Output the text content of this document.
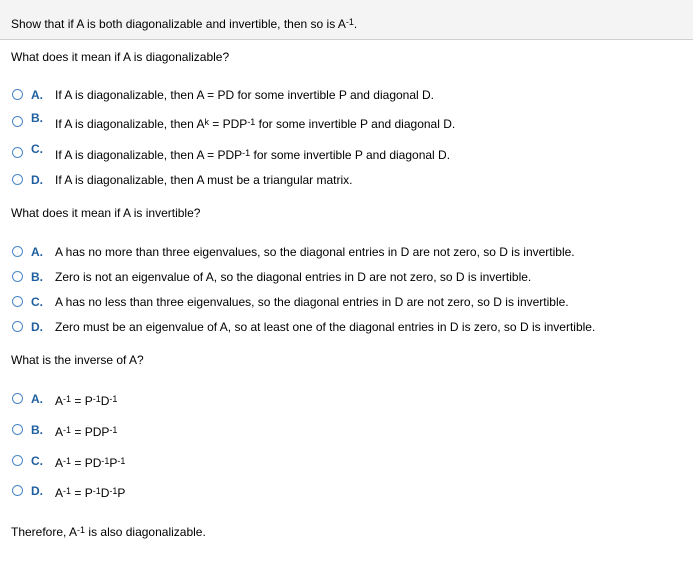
Show that if A is both diagonalizable and invertible, then so is $A^{-1}$.
What does it mean if A is diagonalizable?
A. If A is diagonalizable, then A = PD for some invertible P and diagonal D.
B. If A is diagonalizable, then $A^k = PDP^{-1}$ for some invertible P and diagonal D.
C. If A is diagonalizable, then $A = PDP^{-1}$ for some invertible P and diagonal D.
D. If A is diagonalizable, then A must be a triangular matrix.
What does it mean if A is invertible?
A. A has no more than three eigenvalues, so the diagonal entries in D are not zero, so D is invertible.
B. Zero is not an eigenvalue of A, so the diagonal entries in D are not zero, so D is invertible.
C. A has no less than three eigenvalues, so the diagonal entries in D are not zero, so D is invertible.
D. Zero must be an eigenvalue of A, so at least one of the diagonal entries in D is zero, so D is invertible.
What is the inverse of A?
A. $A^{-1} = P^{-1}D^{-1}$
B. $A^{-1} = PDP^{-1}$
C. $A^{-1} = PD^{-1}P^{-1}$
D. $A^{-1} = P^{-1}D^{-1}P$
Therefore, $A^{-1}$ is also diagonalizable.
